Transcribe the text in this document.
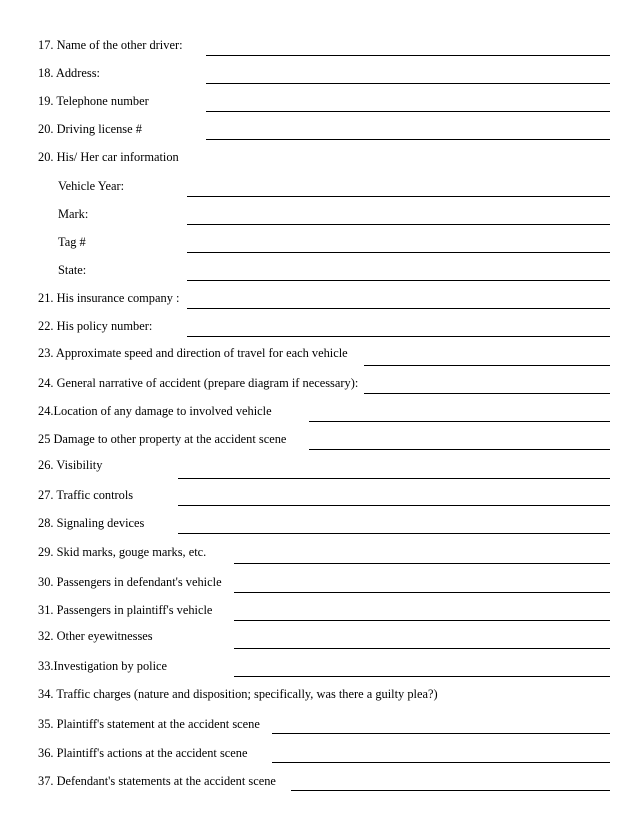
17. Name of the other driver:
18. Address:
19. Telephone number
20. Driving license #
20. His/ Her car information
Vehicle Year:
Mark:
Tag #
State:
21. His insurance company :
22. His policy number:
23. Approximate speed and direction of travel for each vehicle
24. General narrative of accident (prepare diagram if necessary):
24.Location of any damage to involved vehicle
25 Damage to other property at the accident scene
26. Visibility
27. Traffic controls
28. Signaling devices
29. Skid marks, gouge marks, etc.
30. Passengers in defendant's vehicle
31. Passengers in plaintiff's vehicle
32. Other eyewitnesses
33.Investigation by police
34. Traffic charges (nature and disposition; specifically, was there a guilty plea?)
35. Plaintiff's statement at the accident scene
36. Plaintiff's actions at the accident scene
37. Defendant's statements at the accident scene
